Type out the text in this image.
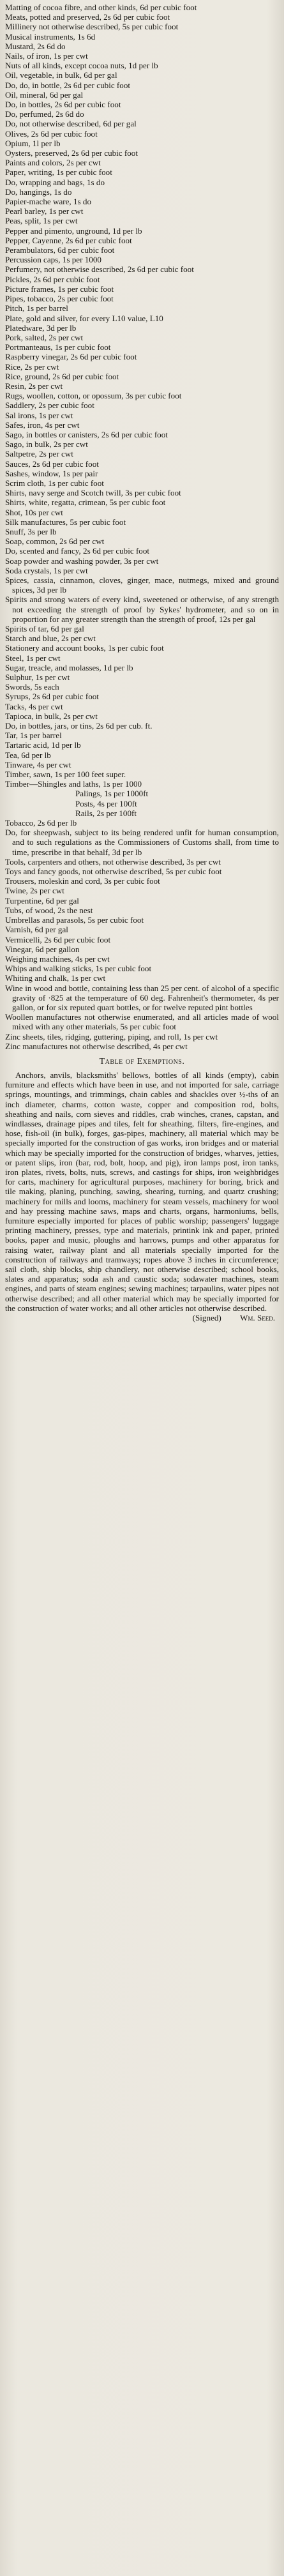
Matting of cocoa fibre, and other kinds, 6d per cubic foot

Meats, potted and preserved, 2s 6d per cubic foot

Millinery not otherwise described, 5s per cubic foot

Musical instruments, 1s 6d

Mustard, 2s 6d do

Nails, of iron, 1s per cwt

Nuts of all kinds, except cocoa nuts, 1d per lb

Oil, vegetable, in bulk, 6d per gal

Do, do, in bottle, 2s 6d per cubic foot

Oil, mineral, 6d per gal

Do, in bottles, 2s 6d per cubic foot

Do, perfumed, 2s 6d do

Do, not otherwise described, 6d per gal

Olives, 2s 6d per cubic foot

Opium, 1l per lb

Oysters, preserved, 2s 6d per cubic foot

Paints and colors, 2s per cwt

Paper, writing, 1s per cubic foot

Do, wrapping and bags, 1s do

Do, hangings, 1s do

Papier-mache ware, 1s do

Pearl barley, 1s per cwt

Peas, split, 1s per cwt

Pepper and pimento, unground, 1d per lb

Pepper, Cayenne, 2s 6d per cubic foot

Perambulators, 6d per cubic foot

Percussion caps, 1s per 1000

Perfumery, not otherwise described, 2s 6d per cubic foot

Pickles, 2s 6d per cubic foot

Picture frames, 1s per cubic foot

Pipes, tobacco, 2s per cubic foot

Pitch, 1s per barrel

Plate, gold and silver, for every L10 value, L10

Platedware, 3d per lb

Pork, salted, 2s per cwt

Portmanteaus, 1s per cubic foot

Raspberry vinegar, 2s 6d per cubic foot

Rice, 2s per cwt

Rice, ground, 2s 6d per cubic foot

Resin, 2s per cwt

Rugs, woollen, cotton, or opossum, 3s per cubic foot

Saddlery, 2s per cubic foot

Sal irons, 1s per cwt

Safes, iron, 4s per cwt

Sago, in bottles or canisters, 2s 6d per cubic foot

Sago, in bulk, 2s per cwt

Saltpetre, 2s per cwt

Sauces, 2s 6d per cubic foot

Sashes, window, 1s per pair

Scrim cloth, 1s per cubic foot

Shirts, navy serge and Scotch twill, 3s per cubic foot

Shirts, white, regatta, crimean, 5s per cubic foot

Shot, 10s per cwt

Silk manufactures, 5s per cubic foot

Snuff, 3s per lb

Soap, common, 2s 6d per cwt

Do, scented and fancy, 2s 6d per cubic foot

Soap powder and washing powder, 3s per cwt

Soda crystals, 1s per cwt

Spices, cassia, cinnamon, cloves, ginger, mace, nutmegs, mixed and ground spices, 3d per lb

Spirits and strong waters of every kind, sweetened or otherwise, of any strength not exceeding the strength of proof by Sykes' hydrometer, and so on in proportion for any greater strength than the strength of proof, 12s per gal

Spirits of tar, 6d per gal

Starch and blue, 2s per cwt

Stationery and account books, 1s per cubic foot

Steel, 1s per cwt

Sugar, treacle, and molasses, 1d per lb

Sulphur, 1s per cwt

Swords, 5s each

Syrups, 2s 6d per cubic foot

Tacks, 4s per cwt

Tapioca, in bulk, 2s per cwt

Do, in bottles, jars, or tins, 2s 6d per cub. ft.

Tar, 1s per barrel

Tartaric acid, 1d per lb

Tea, 6d per lb

Tinware, 4s per cwt

Timber, sawn, 1s per 100 feet super.

Timber—Shingles and laths, 1s per 1000

Palings, 1s per 1000ft

Posts, 4s per 100ft

Rails, 2s per 100ft

Tobacco, 2s 6d per lb

Do, for sheepwash, subject to its being rendered unfit for human consumption, and to such regulations as the Commissioners of Customs shall, from time to time, prescribe in that behalf, 3d per lb

Tools, carpenters and others, not otherwise described, 3s per cwt

Toys and fancy goods, not otherwise described, 5s per cubic foot

Trousers, moleskin and cord, 3s per cubic foot

Twine, 2s per cwt

Turpentine, 6d per gal

Tubs, of wood, 2s the nest

Umbrellas and parasols, 5s per cubic foot

Varnish, 6d per gal

Vermicelli, 2s 6d per cubic foot

Vinegar, 6d per gallon

Weighing machines, 4s per cwt

Whips and walking sticks, 1s per cubic foot

Whiting and chalk, 1s per cwt

Wine in wood and bottle, containing less than 25 per cent. of alcohol of a specific gravity of ·825 at the temperature of 60 deg. Fahrenheit's thermometer, 4s per gallon, or for six reputed quart bottles, or for twelve reputed pint bottles

Woollen manufactures not otherwise enumerated, and all articles made of wool mixed with any other materials, 5s per cubic foot

Zinc sheets, tiles, ridging, guttering, piping, and roll, 1s per cwt

Zinc manufactures not otherwise described, 4s per cwt

Table of Exemptions.

Anchors, anvils, blacksmiths' bellows, bottles of all kinds (empty), cabin furniture and effects which have been in use, and not imported for sale, carriage springs, mountings, and trimmings, chain cables and shackles over ½-ths of an inch diameter, charms, cotton waste, copper and composition rod, bolts, sheathing and nails, corn sieves and riddles, crab winches, cranes, capstan, and windlasses, drainage pipes and tiles, felt for sheathing, filters, fire-engines, and hose, fish-oil (in bulk), forges, gas-pipes, machinery, all material which may be specially imported for the construction of gas works, iron bridges and or material which may be specially imported for the construction of bridges, wharves, jetties, or patent slips, iron (bar, rod, bolt, hoop, and pig), iron lamps post, iron tanks, iron plates, rivets, bolts, nuts, screws, and castings for ships, iron weighbridges for carts, machinery for agricultural purposes, machinery for boring, brick and tile making, planing, punching, sawing, shearing, turning, and quartz crushing; machinery for mills and looms, machinery for steam vessels, machinery for wool and hay pressing machine saws, maps and charts, organs, harmoniums, bells, furniture especially imported for places of public worship; passengers' luggage printing machinery, presses, type and materials, printink ink and paper, printed books, paper and music, ploughs and harrows, pumps and other apparatus for raising water, railway plant and all materials specially imported for the construction of railways and tramways; ropes above 3 inches in circumference; sail cloth, ship blocks, ship chandlery, not otherwise described; school books, slates and apparatus; soda ash and caustic soda; sodawater machines, steam engines, and parts of steam engines; sewing machines; tarpaulins, water pipes not otherwise described; and all other material which may be specially imported for the construction of water works; and all other articles not otherwise described.

(Signed) Wm. Seed.
